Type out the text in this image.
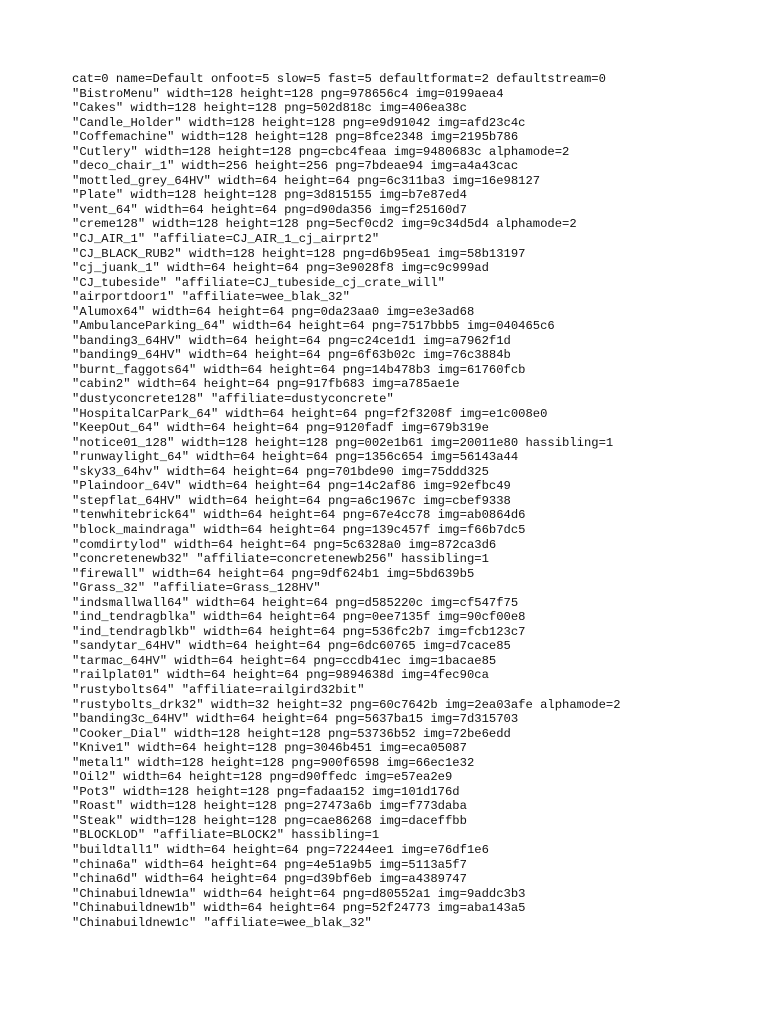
cat=0 name=Default onfoot=5 slow=5 fast=5 defaultformat=2 defaultstream=0
"BistroMenu" width=128 height=128 png=978656c4 img=0199aea4
"Cakes" width=128 height=128 png=502d818c img=406ea38c
"Candle_Holder" width=128 height=128 png=e9d91042 img=afd23c4c
"Coffemachine" width=128 height=128 png=8fce2348 img=2195b786
"Cutlery" width=128 height=128 png=cbc4feaa img=9480683c alphamode=2
"deco_chair_1" width=256 height=256 png=7bdeae94 img=a4a43cac
"mottled_grey_64HV" width=64 height=64 png=6c311ba3 img=16e98127
"Plate" width=128 height=128 png=3d815155 img=b7e87ed4
"vent_64" width=64 height=64 png=d90da356 img=f25160d7
"creme128" width=128 height=128 png=5ecf0cd2 img=9c34d5d4 alphamode=2
"CJ_AIR_1" "affiliate=CJ_AIR_1_cj_airprt2"
"CJ_BLACK_RUB2" width=128 height=128 png=d6b95ea1 img=58b13197
"cj_juank_1" width=64 height=64 png=3e9028f8 img=c9c999ad
"CJ_tubeside" "affiliate=CJ_tubeside_cj_crate_will"
"airportdoor1" "affiliate=wee_blak_32"
"Alumox64" width=64 height=64 png=0da23aa0 img=e3e3ad68
"AmbulanceParking_64" width=64 height=64 png=7517bbb5 img=040465c6
"banding3_64HV" width=64 height=64 png=c24ce1d1 img=a7962f1d
"banding9_64HV" width=64 height=64 png=6f63b02c img=76c3884b
"burnt_faggots64" width=64 height=64 png=14b478b3 img=61760fcb
"cabin2" width=64 height=64 png=917fb683 img=a785ae1e
"dustyconcrete128" "affiliate=dustyconcrete"
"HospitalCarPark_64" width=64 height=64 png=f2f3208f img=e1c008e0
"KeepOut_64" width=64 height=64 png=9120fadf img=679b319e
"notice01_128" width=128 height=128 png=002e1b61 img=20011e80 hassibling=1
"runwaylight_64" width=64 height=64 png=1356c654 img=56143a44
"sky33_64hv" width=64 height=64 png=701bde90 img=75ddd325
"Plaindoor_64V" width=64 height=64 png=14c2af86 img=92efbc49
"stepflat_64HV" width=64 height=64 png=a6c1967c img=cbef9338
"tenwhitebrick64" width=64 height=64 png=67e4cc78 img=ab0864d6
"block_maindraga" width=64 height=64 png=139c457f img=f66b7dc5
"comdirtylod" width=64 height=64 png=5c6328a0 img=872ca3d6
"concretenewb32" "affiliate=concretenewb256" hassibling=1
"firewall" width=64 height=64 png=9df624b1 img=5bd639b5
"Grass_32" "affiliate=Grass_128HV"
"indsmallwall64" width=64 height=64 png=d585220c img=cf547f75
"ind_tendragblka" width=64 height=64 png=0ee7135f img=90cf00e8
"ind_tendragblkb" width=64 height=64 png=536fc2b7 img=fcb123c7
"sandytar_64HV" width=64 height=64 png=6dc60765 img=d7cace85
"tarmac_64HV" width=64 height=64 png=ccdb41ec img=1bacae85
"railplat01" width=64 height=64 png=9894638d img=4fec90ca
"rustybolts64" "affiliate=railgird32bit"
"rustybolts_drk32" width=32 height=32 png=60c7642b img=2ea03afe alphamode=2
"banding3c_64HV" width=64 height=64 png=5637ba15 img=7d315703
"Cooker_Dial" width=128 height=128 png=53736b52 img=72be6edd
"Knive1" width=64 height=128 png=3046b451 img=eca05087
"metal1" width=128 height=128 png=900f6598 img=66ec1e32
"Oil2" width=64 height=128 png=d90ffedc img=e57ea2e9
"Pot3" width=128 height=128 png=fadaa152 img=101d176d
"Roast" width=128 height=128 png=27473a6b img=f773daba
"Steak" width=128 height=128 png=cae86268 img=daceffbb
"BLOCKLOD" "affiliate=BLOCK2" hassibling=1
"buildtall1" width=64 height=64 png=72244ee1 img=e76df1e6
"china6a" width=64 height=64 png=4e51a9b5 img=5113a5f7
"china6d" width=64 height=64 png=d39bf6eb img=a4389747
"Chinabuildnew1a" width=64 height=64 png=d80552a1 img=9addc3b3
"Chinabuildnew1b" width=64 height=64 png=52f24773 img=aba143a5
"Chinabuildnew1c" "affiliate=wee_blak_32"
